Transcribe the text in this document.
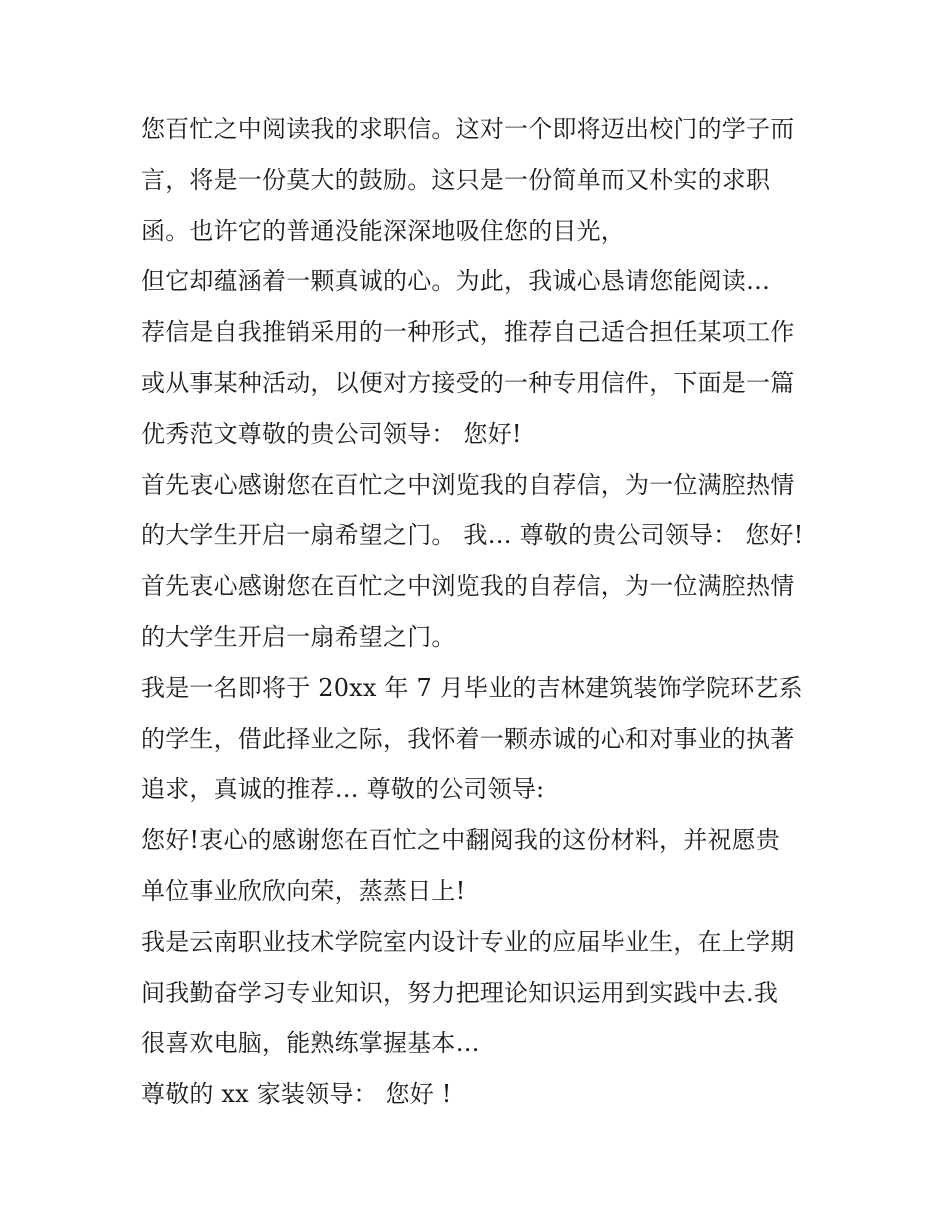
您百忙之中阅读我的求职信。这对一个即将迈出校门的学子而
言，将是一份莫大的鼓励。这只是一份简单而又朴实的求职
函。也许它的普通没能深深地吸住您的目光，
但它却蕴涵着一颗真诚的心。为此，我诚心恳请您能阅读…
荐信是自我推销采用的一种形式，推荐自己适合担任某项工作
或从事某种活动，以便对方接受的一种专用信件，下面是一篇
优秀范文尊敬的贵公司领导： 您好!
首先衷心感谢您在百忙之中浏览我的自荐信，为一位满腔热情
的大学生开启一扇希望之门。 我… 尊敬的贵公司领导： 您好!
首先衷心感谢您在百忙之中浏览我的自荐信，为一位满腔热情
的大学生开启一扇希望之门。
我是一名即将于 20xx 年 7 月毕业的吉林建筑装饰学院环艺系
的学生，借此择业之际，我怀着一颗赤诚的心和对事业的执著
追求，真诚的推荐… 尊敬的公司领导:
您好!衷心的感谢您在百忙之中翻阅我的这份材料，并祝愿贵
单位事业欣欣向荣，蒸蒸日上!
我是云南职业技术学院室内设计专业的应届毕业生，在上学期
间我勤奋学习专业知识，努力把理论知识运用到实践中去.我
很喜欢电脑，能熟练掌握基本…
尊敬的 xx 家装领导： 您好 !
